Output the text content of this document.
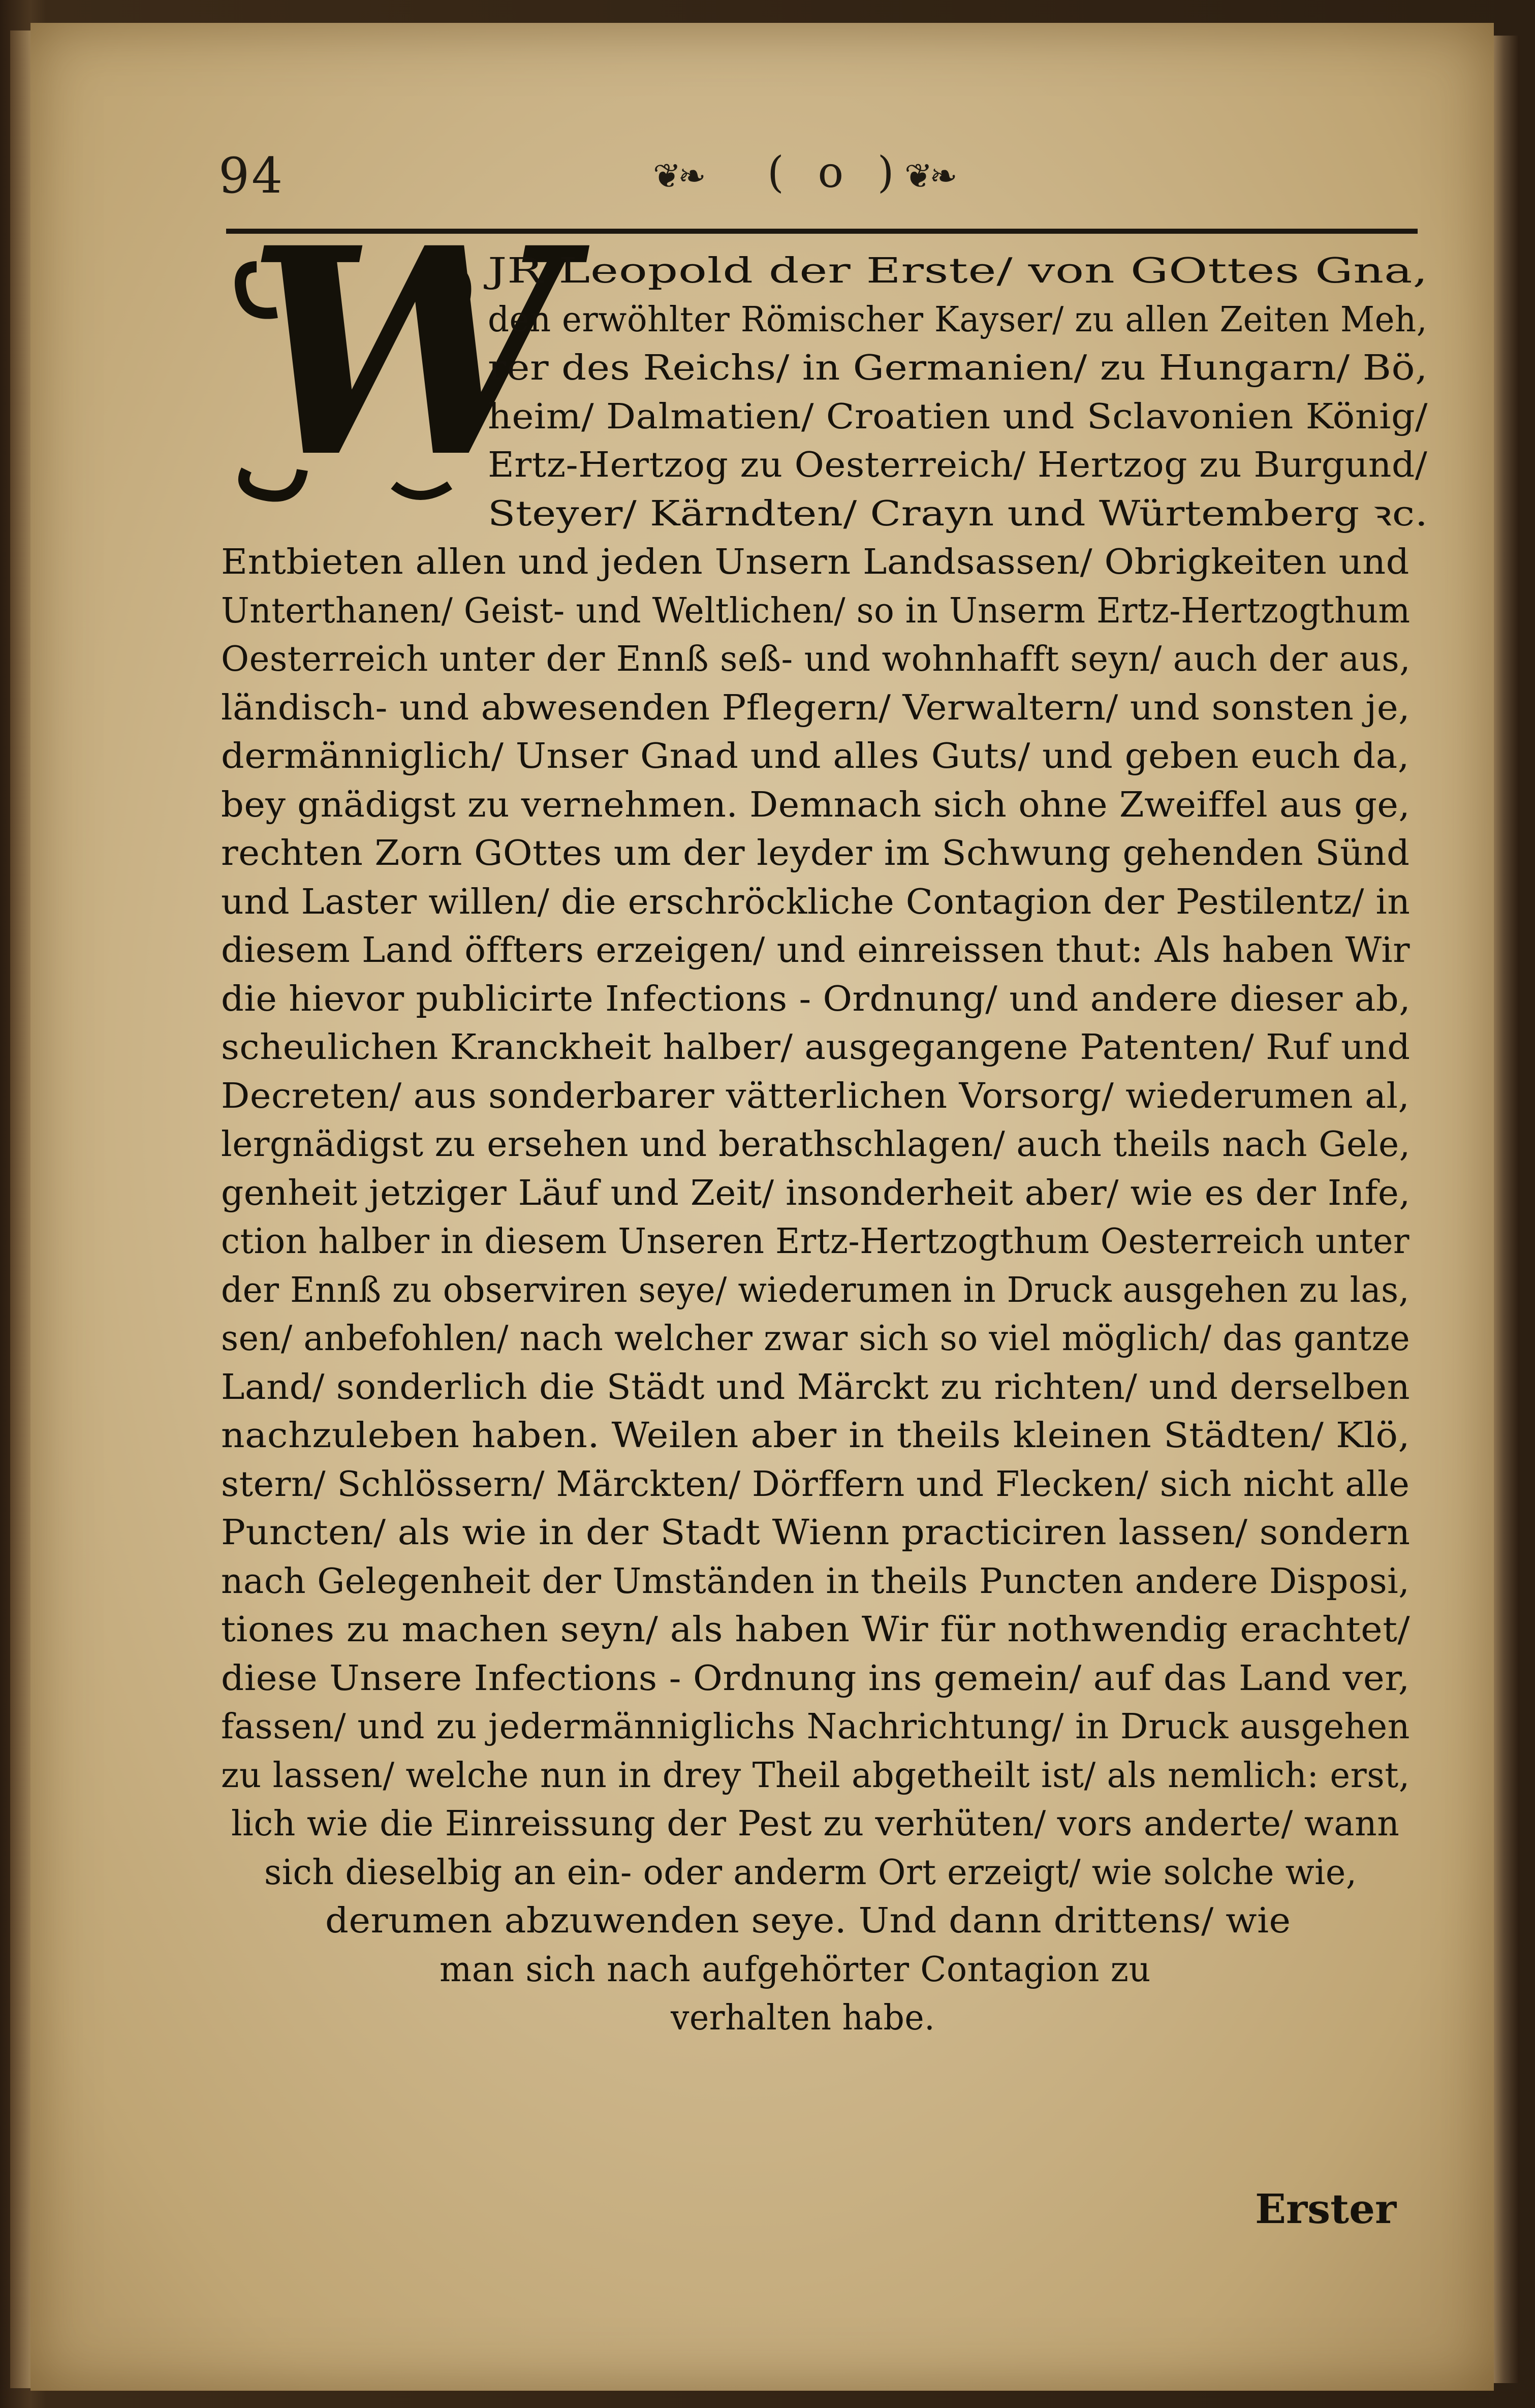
94	❦❧ ( o ) ❦❧
W
JR Leopold der Erste/ von GOttes Gna,
den erwöhlter Römischer Kayser/ zu allen Zeiten Meh,
rer des Reichs/ in Germanien/ zu Hungarn/ Bö,
heim/ Dalmatien/ Croatien und Sclavonien König/
Ertz-Hertzog zu Oesterreich/ Hertzog zu Burgund/
Steyer/ Kärndten/ Crayn und Würtemberg ꝛc.
Entbieten allen und jeden Unsern Landsassen/ Obrigkeiten und
Unterthanen/ Geist- und Weltlichen/ so in Unserm Ertz-Hertzogthum
Oesterreich unter der Ennß seß- und wohnhafft seyn/ auch der aus,
ländisch- und abwesenden Pflegern/ Verwaltern/ und sonsten je,
dermänniglich/ Unser Gnad und alles Guts/ und geben euch da,
bey gnädigst zu vernehmen. Demnach sich ohne Zweiffel aus ge,
rechten Zorn GOttes um der leyder im Schwung gehenden Sünd
und Laster willen/ die erschröckliche Contagion der Pestilentz/ in
diesem Land öffters erzeigen/ und einreissen thut: Als haben Wir
die hievor publicirte Infections - Ordnung/ und andere dieser ab,
scheulichen Kranckheit halber/ ausgegangene Patenten/ Ruf und
Decreten/ aus sonderbarer vätterlichen Vorsorg/ wiederumen al,
lergnädigst zu ersehen und berathschlagen/ auch theils nach Gele,
genheit jetziger Läuf und Zeit/ insonderheit aber/ wie es der Infe,
ction halber in diesem Unseren Ertz-Hertzogthum Oesterreich unter
der Ennß zu observiren seye/ wiederumen in Druck ausgehen zu las,
sen/ anbefohlen/ nach welcher zwar sich so viel möglich/ das gantze
Land/ sonderlich die Städt und Märckt zu richten/ und derselben
nachzuleben haben. Weilen aber in theils kleinen Städten/ Klö,
stern/ Schlössern/ Märckten/ Dörffern und Flecken/ sich nicht alle
Puncten/ als wie in der Stadt Wienn practiciren lassen/ sondern
nach Gelegenheit der Umständen in theils Puncten andere Disposi,
tiones zu machen seyn/ als haben Wir für nothwendig erachtet/
diese Unsere Infections - Ordnung ins gemein/ auf das Land ver,
fassen/ und zu jedermänniglichs Nachrichtung/ in Druck ausgehen
zu lassen/ welche nun in drey Theil abgetheilt ist/ als nemlich: erst,
lich wie die Einreissung der Pest zu verhüten/ vors anderte/ wann
sich dieselbig an ein- oder anderm Ort erzeigt/ wie solche wie,
derumen abzuwenden seye. Und dann drittens/ wie
man sich nach aufgehörter Contagion zu
verhalten habe.
Erster
